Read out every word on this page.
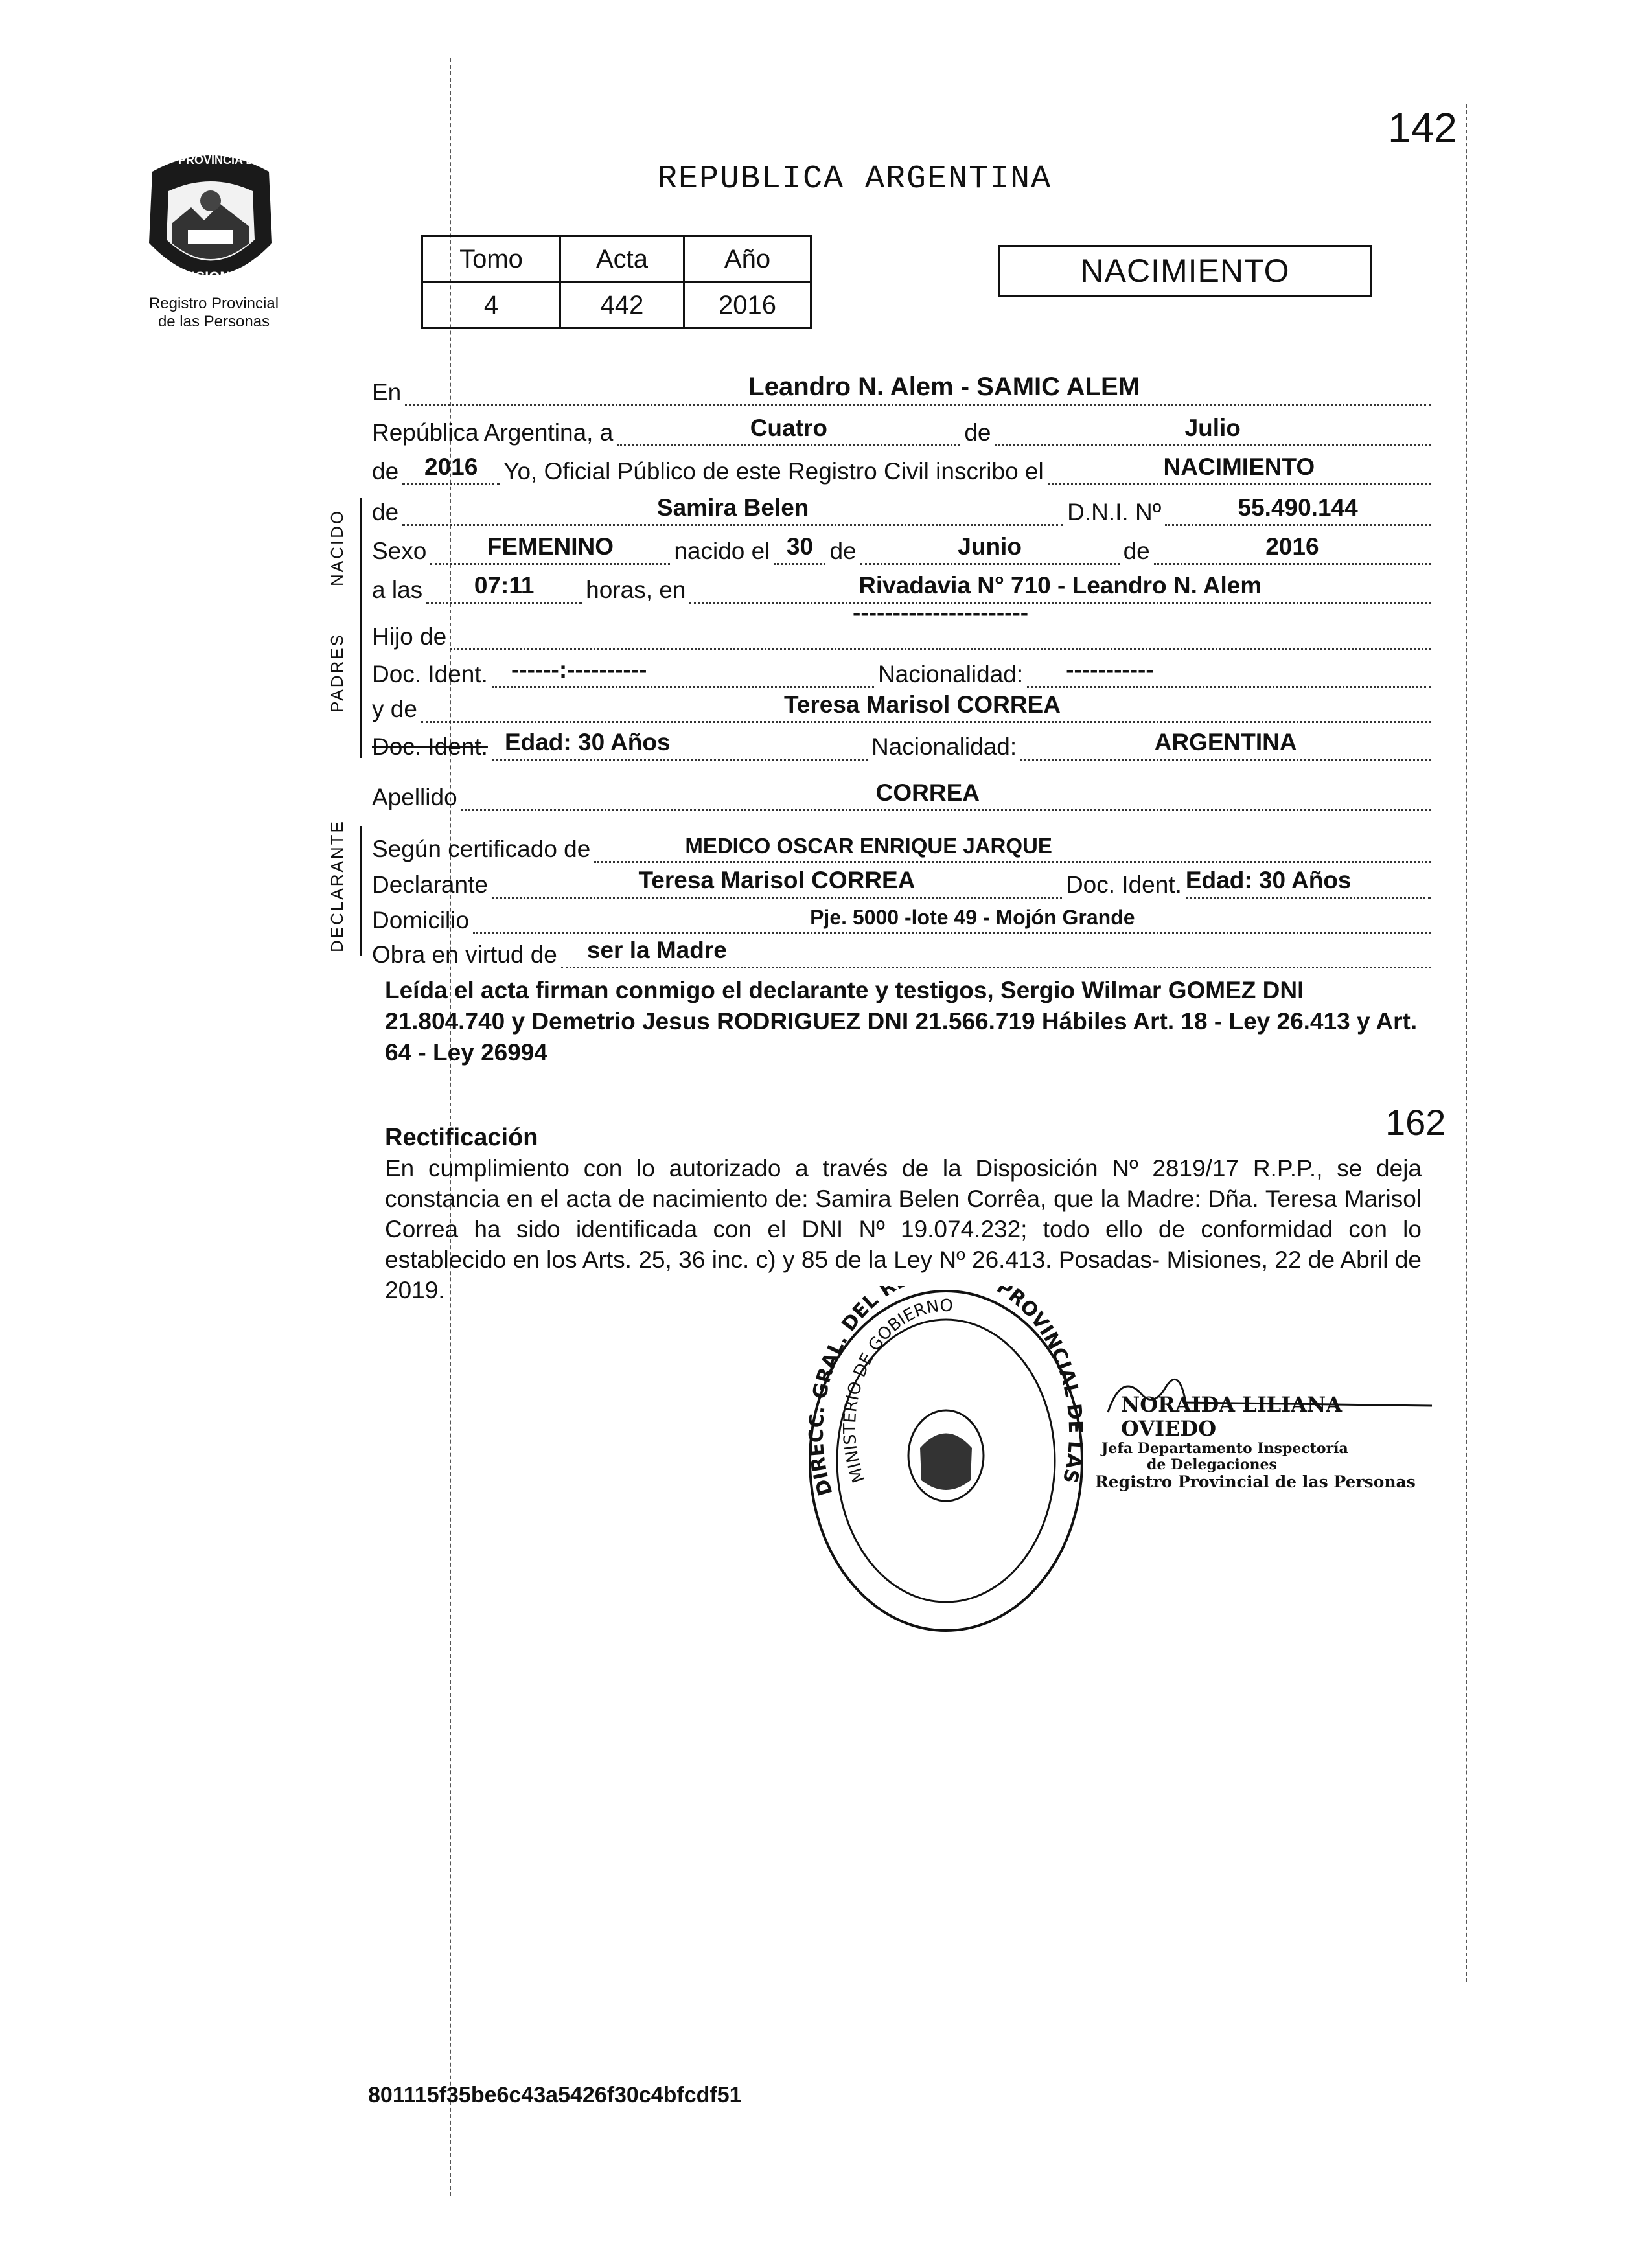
142
162
PROVINCIA DE
MISIONES
Registro Provincial
de las Personas
REPUBLICA ARGENTINA
Tomo	Acta	Año
4	442	2016
NACIMIENTO
En	Leandro N. Alem - SAMIC ALEM
República Argentina, a	Cuatro	de	Julio
de 2016 Yo, Oficial Público de este Registro Civil inscribo el	NACIMIENTO
NACIDO de	Samira Belen	D.N.I. Nº	55.490.144
Sexo	FEMENINO	nacido el 30 de	Junio	de	2016
a las 07:11 horas, en	Rivadavia N° 710 - Leandro N. Alem
PADRES Hijo de
----------------------
Doc. Ident. ------:----------	Nacionalidad: -----------
y de	Teresa Marisol CORREA
Doc. Ident. Edad: 30 Años	Nacionalidad:	ARGENTINA
Apellido	CORREA
DECLARANTE Según certificado de	MEDICO OSCAR ENRIQUE JARQUE
Declarante	Teresa Marisol CORREA	Doc. Ident. Edad: 30 Años
Domicilio	Pje. 5000 -lote 49 - Mojón Grande
Obra en virtud de ser la Madre
Leída el acta firman conmigo el declarante y testigos, Sergio Wilmar GOMEZ DNI 21.804.740 y Demetrio Jesus RODRIGUEZ DNI 21.566.719 Hábiles Art. 18 - Ley 26.413 y Art. 64 - Ley 26994
Rectificación
En cumplimiento con lo autorizado a través de la Disposición Nº 2819/17 R.P.P., se deja constancia en el acta de nacimiento de: Samira Belen Corrêa, que la Madre: Dña. Teresa Marisol Correa ha sido identificada con el DNI Nº 19.074.232; todo ello de conformidad con lo establecido en los Arts. 25, 36 inc. c) y 85 de la Ley Nº 26.413. Posadas- Misiones, 22 de Abril de 2019.
DIRECC. GRAL. DEL R PROVINCIAL DE LAS
MINISTERIO DE GOBIERNO
NORAIDA LILIANA OVIEDO
Jefa Departamento Inspectoría
de Delegaciones
Registro Provincial de las Personas
801115f35be6c43a5426f30c4bfcdf51
